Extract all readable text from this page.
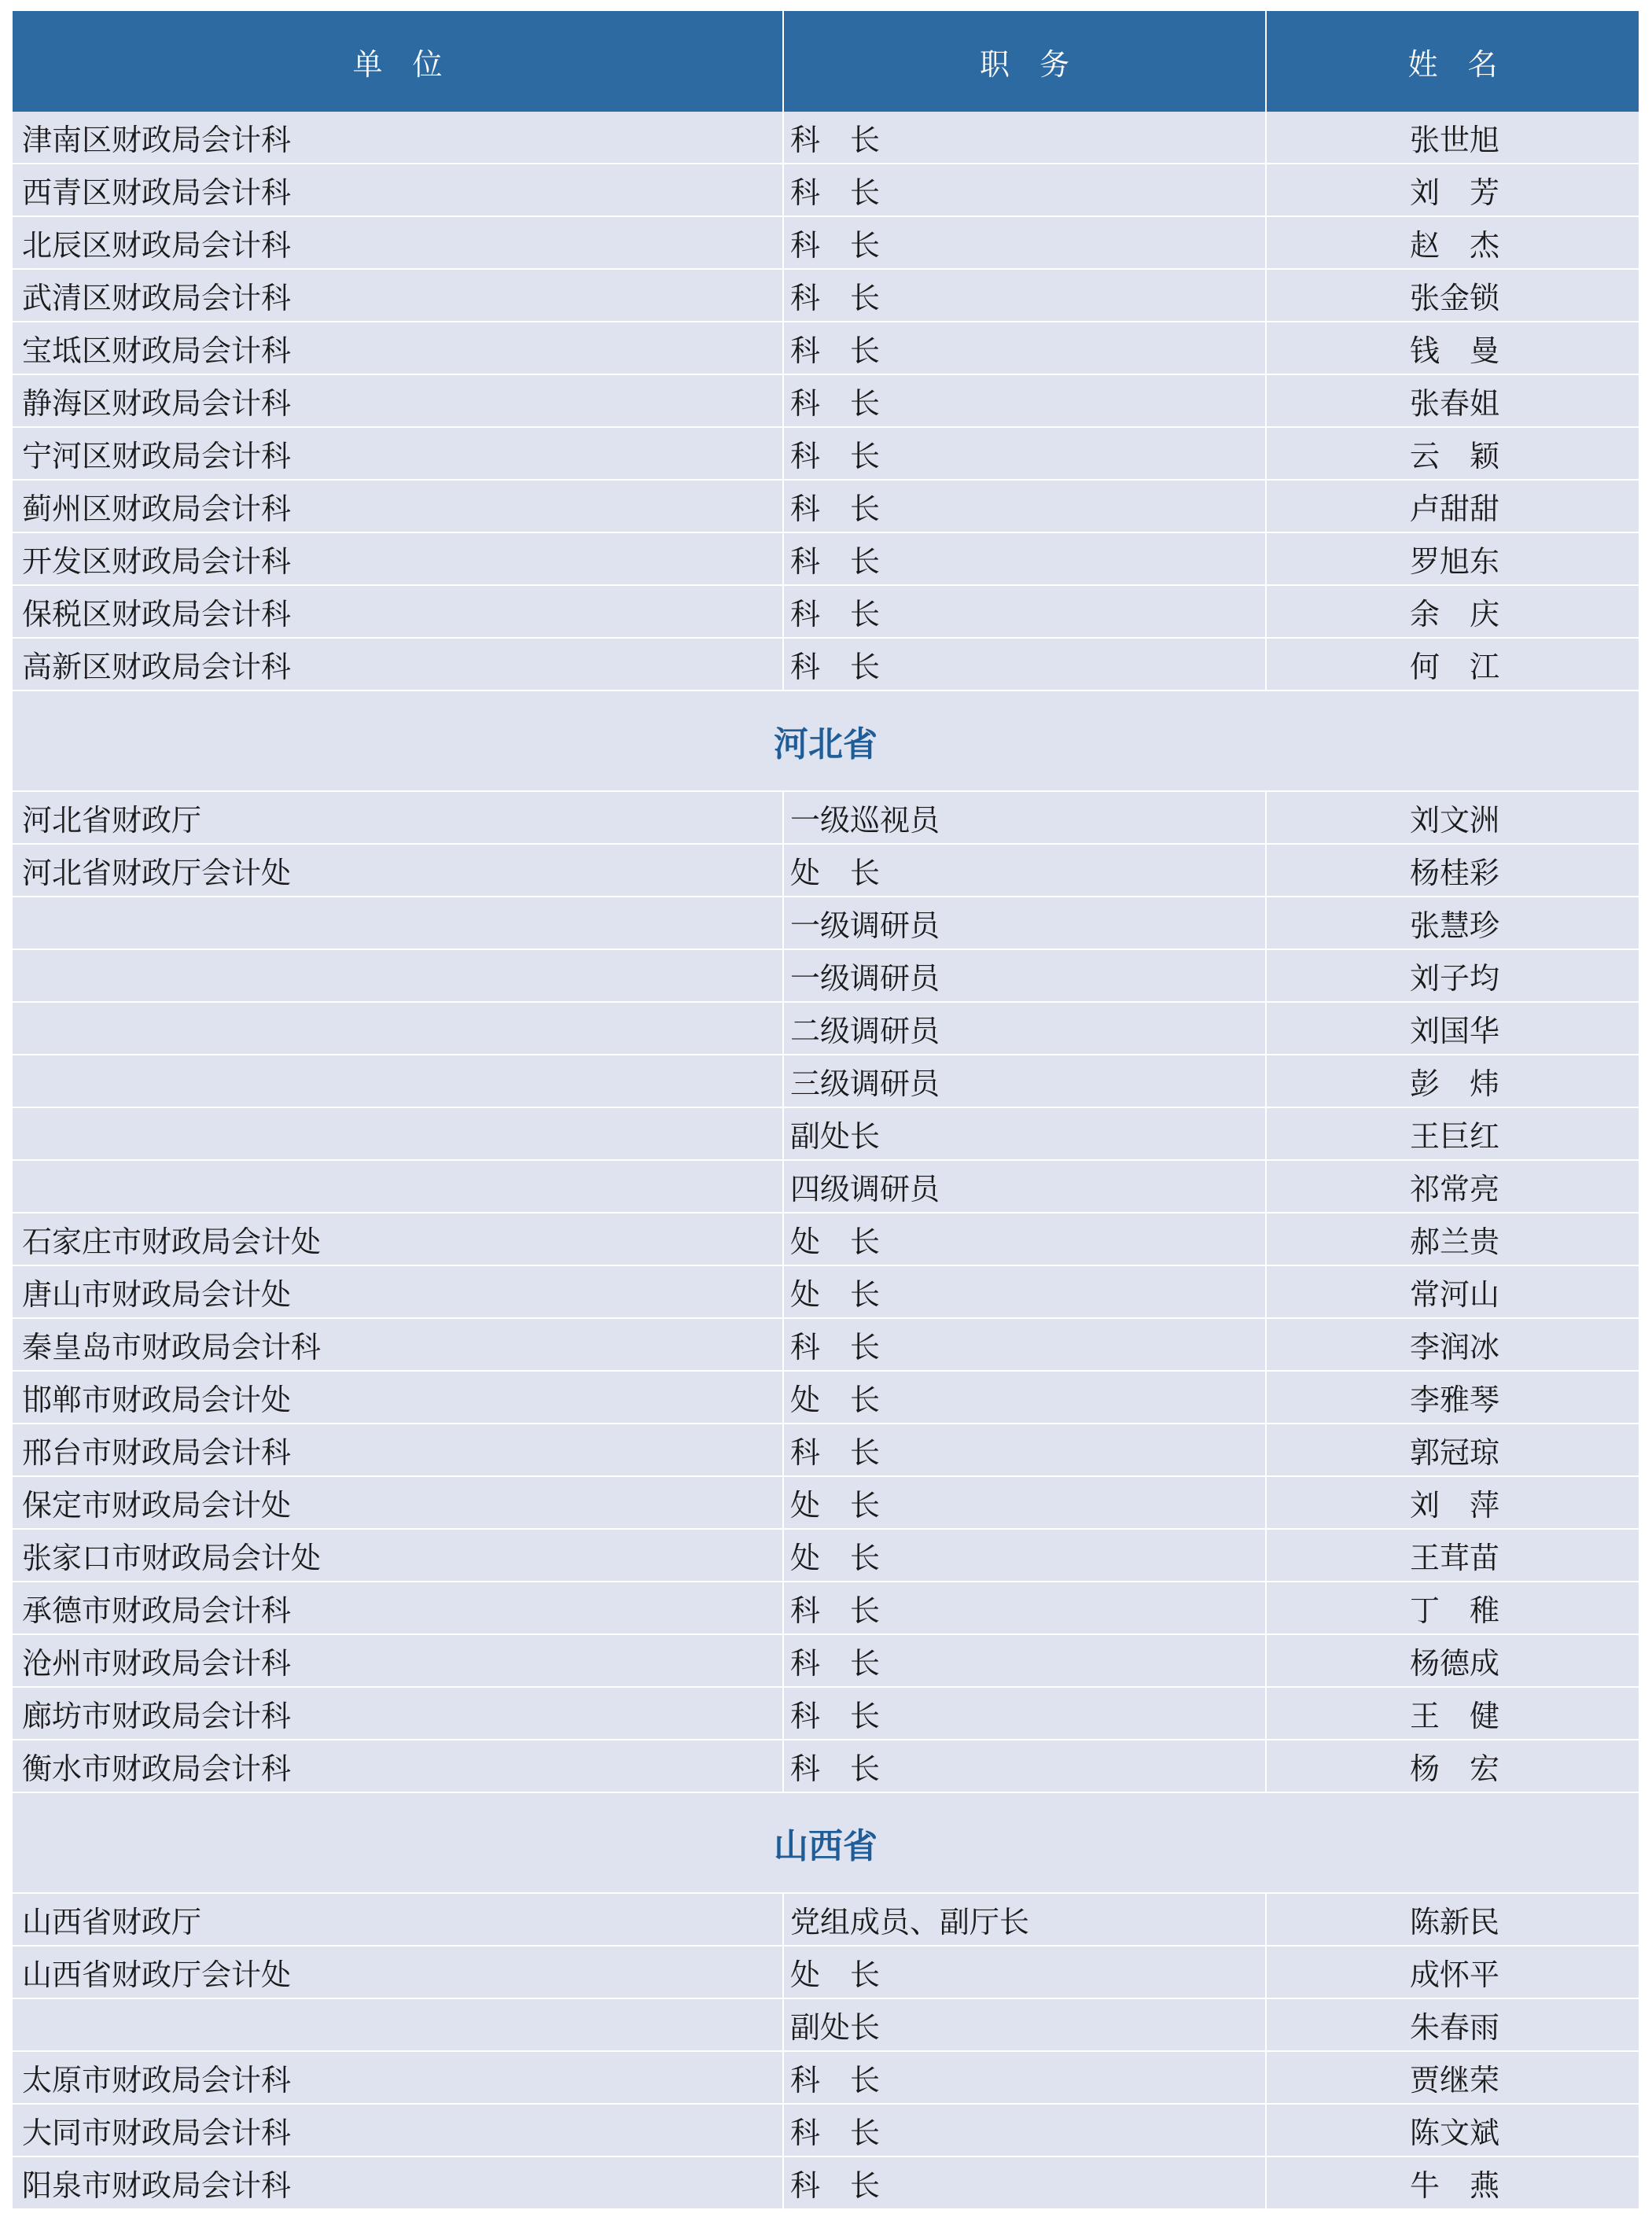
单　位	职　务	姓　名
津南区财政局会计科	科　长	张世旭
西青区财政局会计科	科　长	刘　芳
北辰区财政局会计科	科　长	赵　杰
武清区财政局会计科	科　长	张金锁
宝坻区财政局会计科	科　长	钱　曼
静海区财政局会计科	科　长	张春姐
宁河区财政局会计科	科　长	云　颖
蓟州区财政局会计科	科　长	卢甜甜
开发区财政局会计科	科　长	罗旭东
保税区财政局会计科	科　长	余　庆
高新区财政局会计科	科　长	何　江
河北省		
河北省财政厅	一级巡视员	刘文洲
河北省财政厅会计处	处　长	杨桂彩
	一级调研员	张慧珍
	一级调研员	刘子均
	二级调研员	刘国华
	三级调研员	彭　炜
	副处长	王巨红
	四级调研员	祁常亮
石家庄市财政局会计处	处　长	郝兰贵
唐山市财政局会计处	处　长	常河山
秦皇岛市财政局会计科	科　长	李润冰
邯郸市财政局会计处	处　长	李雅琴
邢台市财政局会计科	科　长	郭冠琼
保定市财政局会计处	处　长	刘　萍
张家口市财政局会计处	处　长	王茸苗
承德市财政局会计科	科　长	丁　稚
沧州市财政局会计科	科　长	杨德成
廊坊市财政局会计科	科　长	王　健
衡水市财政局会计科	科　长	杨　宏
山西省		
山西省财政厅	党组成员、副厅长	陈新民
山西省财政厅会计处	处　长	成怀平
	副处长	朱春雨
太原市财政局会计科	科　长	贾继荣
大同市财政局会计科	科　长	陈文斌
阳泉市财政局会计科	科　长	牛　燕
